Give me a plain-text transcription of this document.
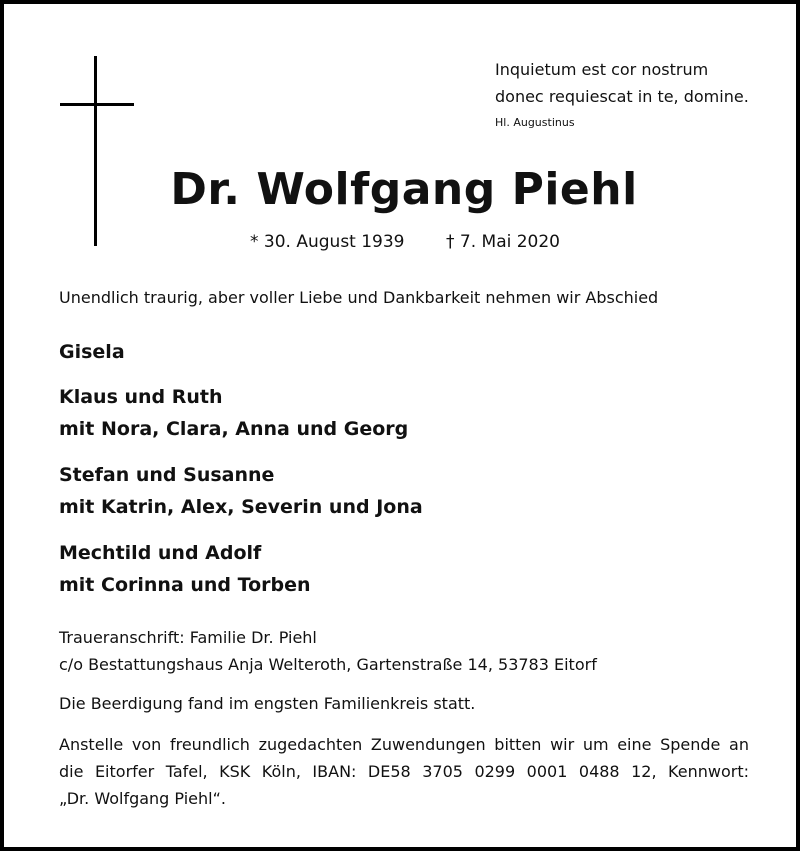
Inquietum est cor nostrum
donec requiescat in te, domine.
Hl. Augustinus
Dr. Wolfgang Piehl
* 30. August 1939 † 7. Mai 2020
Unendlich traurig, aber voller Liebe und Dankbarkeit nehmen wir Abschied
Gisela
Klaus und Ruth
mit Nora, Clara, Anna und Georg
Stefan und Susanne
mit Katrin, Alex, Severin und Jona
Mechtild und Adolf
mit Corinna und Torben
Traueranschrift: Familie Dr. Piehl
c/o Bestattungshaus Anja Welteroth, Gartenstraße 14, 53783 Eitorf
Die Beerdigung fand im engsten Familienkreis statt.
Anstelle von freundlich zugedachten Zuwendungen bitten wir um eine Spende an
die Eitorfer Tafel, KSK Köln, IBAN: DE58 3705 0299 0001 0488 12, Kennwort:
„Dr. Wolfgang Piehl“.
